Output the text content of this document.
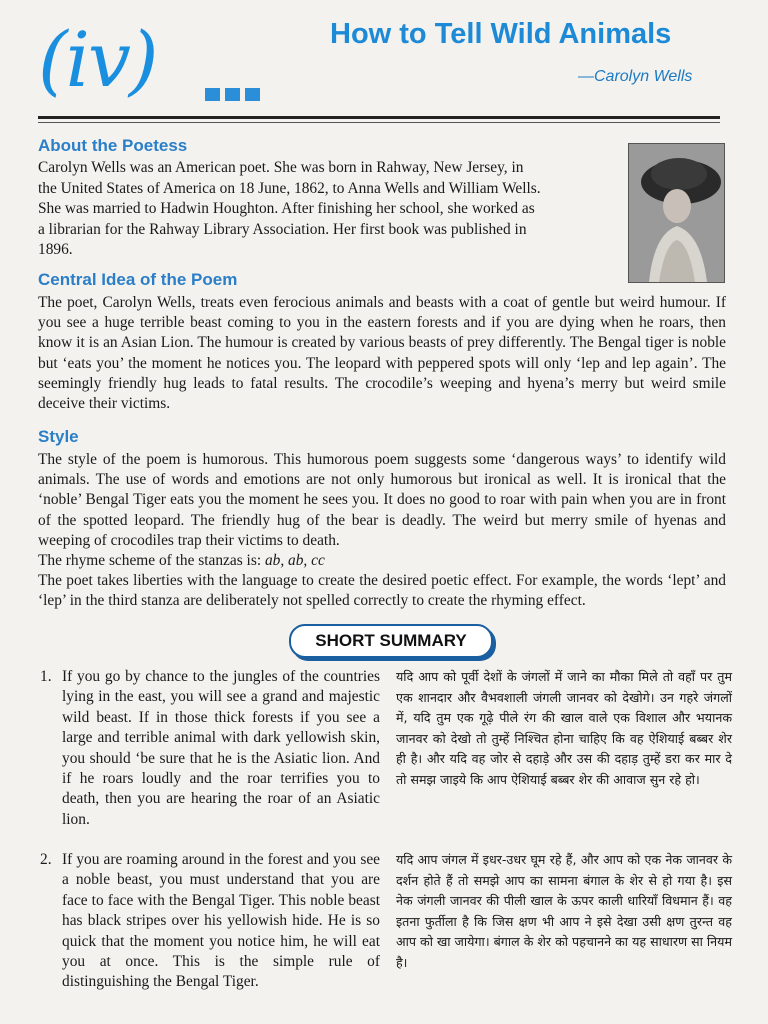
(iv)	How to Tell Wild Animals
—Carolyn Wells
About the Poetess
Carolyn Wells was an American poet. She was born in Rahway, New Jersey, in
the United States of America on 18 June, 1862, to Anna Wells and William Wells.
She was married to Hadwin Houghton. After finishing her school, she worked as
a librarian for the Rahway Library Association. Her first book was published in
1896.
Central Idea of the Poem

The poet, Carolyn Wells, treats even ferocious animals and beasts with a coat of gentle but weird humour. If you see a huge terrible beast coming to you in the eastern forests and if you are dying when he roars, then know it is an Asian Lion. The humour is created by various beasts of prey differently. The Bengal tiger is noble but ‘eats you’ the moment he notices you. The leopard with peppered spots will only ‘lep and lep again’. The seemingly friendly hug leads to fatal results. The crocodile’s weeping and hyena’s merry but weird smile deceive their victims.

Style
The style of the poem is humorous. This humorous poem suggests some ‘dangerous ways’ to identify wild animals. The use of words and emotions are not only humorous but ironical as well. It is ironical that the ‘noble’ Bengal Tiger eats you the moment he sees you. It does no good to roar with pain when you are in front of the spotted leopard. The friendly hug of the bear is deadly. The weird but merry smile of hyenas and weeping of crocodiles trap their victims to death.
The rhyme scheme of the stanzas is: ab, ab, cc
The poet takes liberties with the language to create the desired poetic effect. For example, the words ‘lept’ and ‘lep’ in the third stanza are deliberately not spelled correctly to create the rhyming effect.
SHORT SUMMARY
1. If you go by chance to the jungles of the countries lying in the east, you will see a grand and majestic wild beast. If in those thick forests if you see a large and terrible animal with dark yellowish skin, you should ‘be sure that he is the Asiatic lion. And if he roars loudly and the roar terrifies you to death, then you are hearing the roar of an Asiatic lion.
यदि आप को पूर्वी देशों के जंगलों में जाने का मौका मिले तो वहाँ पर तुम एक शानदार और वैभवशाली जंगली जानवर को देखोगे। उन गहरे जंगलों में, यदि तुम एक गूढ़े पीले रंग की खाल वाले एक विशाल और भयानक जानवर को देखो तो तुम्हें निश्चित होना चाहिए कि वह ऐशियाई बब्बर शेर ही है। और यदि वह जोर से दहाड़े और उस की दहाड़ तुम्हें डरा कर मार दे तो समझ जाइये कि आप ऐशियाई बब्बर शेर की आवाज सुन रहे हो।
2. If you are roaming around in the forest and you see a noble beast, you must understand that you are face to face with the Bengal Tiger. This noble beast has black stripes over his yellowish hide. He is so quick that the moment you notice him, he will eat you at once. This is the simple rule of distinguishing the Bengal Tiger.
यदि आप जंगल में इधर-उधर घूम रहे हैं, और आप को एक नेक जानवर के दर्शन होते हैं तो समझे आप का सामना बंगाल के शेर से हो गया है। इस नेक जंगली जानवर की पीली खाल के ऊपर काली धारियाँ विधमान हैं। वह इतना फुर्तीला है कि जिस क्षण भी आप ने इसे देखा उसी क्षण तुरन्त वह आप को खा जायेगा। बंगाल के शेर को पहचानने का यह साधारण सा नियम है।
